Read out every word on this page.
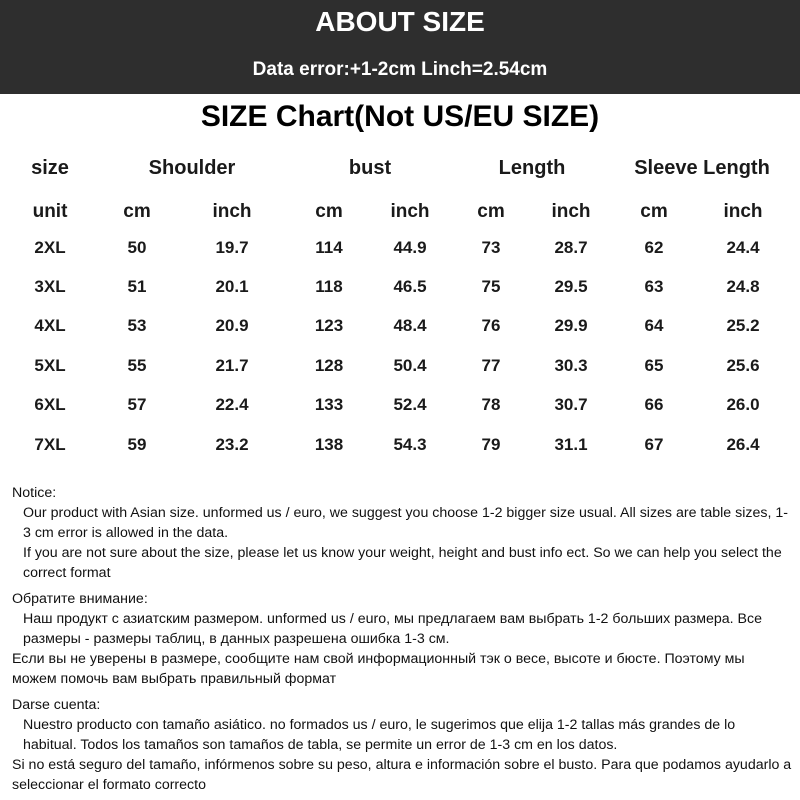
ABOUT SIZE
Data error:+1-2cm Linch=2.54cm
SIZE Chart(Not US/EU SIZE)
size	Shoulder	bust	Length	Sleeve Length
unit	cm	inch	cm	inch	cm inch	cm	inch
2XL	50	19.7	114	44.9	73	28.7	62	24.4
3XL	51	20.1	118	46.5	75	29.5	63	24.8
4XL	53	20.9	123	48.4	76	29.9	64	25.2
5XL	55	21.7	128	50.4	77	30.3	65	25.6
6XL	57	22.4	133	52.4	78	30.7	66	26.0
7XL	59	23.2	138	54.3	79	31.1	67	26.4

Notice:

Our product with Asian size. unformed us / euro, we suggest you choose 1-2 bigger size usual. All sizes are table sizes, 1-3 cm error is allowed in the data.

If you are not sure about the size, please let us know your weight, height and bust info ect. So we can help you select the correct format

Обратите внимание:

Наш продукт с азиатским размером. unformed us / euro, мы предлагаем вам выбрать 1-2 больших размера. Все размеры - размеры таблиц, в данных разрешена ошибка 1-3 см.

Если вы не уверены в размере, сообщите нам свой информационный тэк о весе, высоте и бюсте. Поэтому мы можем помочь вам выбрать правильный формат

Darse cuenta:

Nuestro producto con tamaño asiático. no formados us / euro, le sugerimos que elija 1-2 tallas más grandes de lo habitual. Todos los tamaños son tamaños de tabla, se permite un error de 1-3 cm en los datos.

Si no está seguro del tamaño, infórmenos sobre su peso, altura e información sobre el busto. Para que podamos ayudarlo a seleccionar el formato correcto
